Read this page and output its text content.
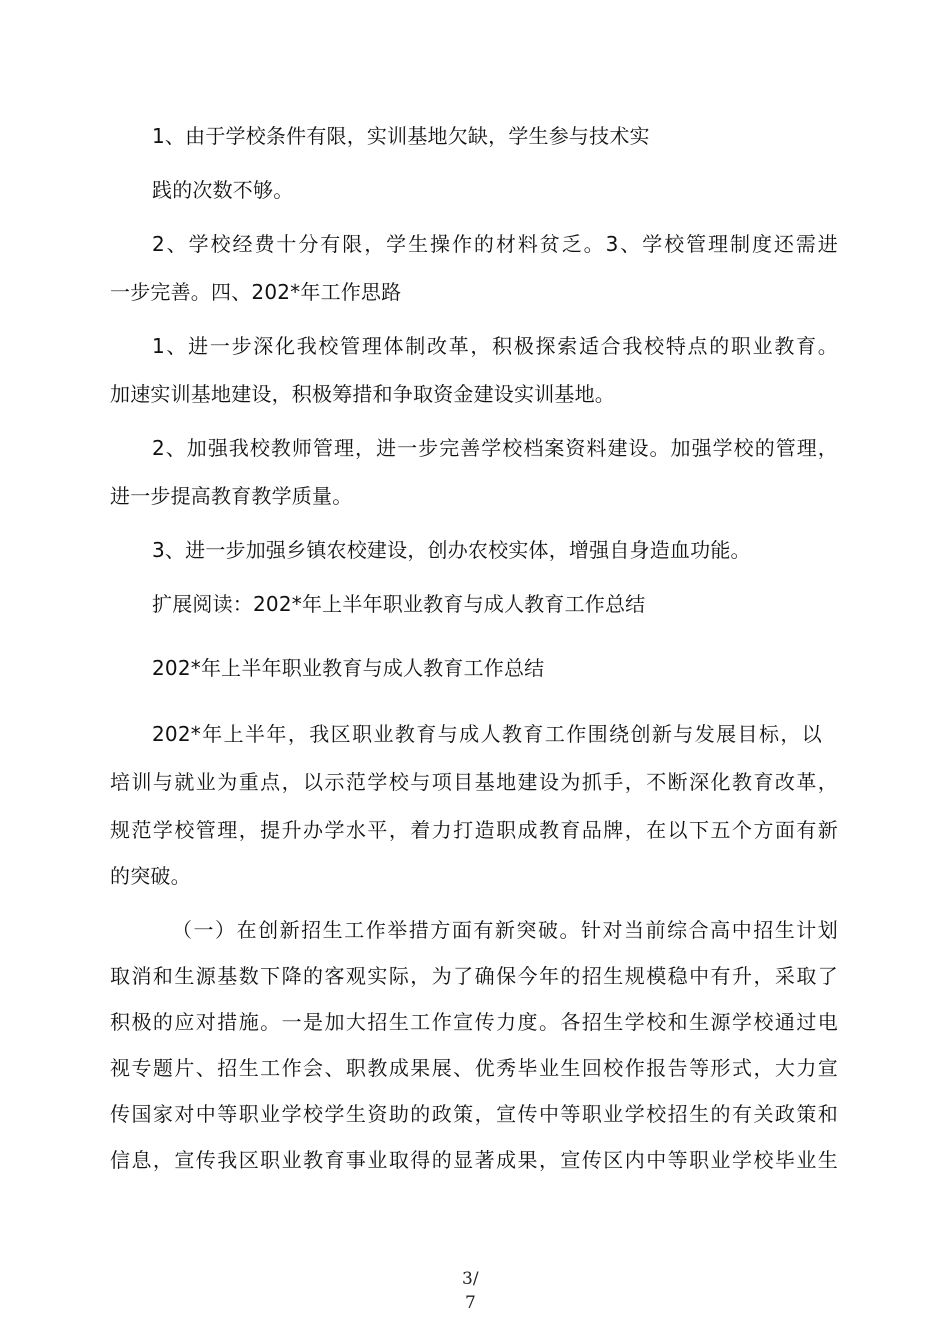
1、由于学校条件有限，实训基地欠缺，学生参与技术实
践的次数不够。
2、学校经费十分有限，学生操作的材料贫乏。3、学校管理制度还需进
一步完善。四、202*年工作思路
1、进一步深化我校管理体制改革，积极探索适合我校特点的职业教育。
加速实训基地建设，积极筹措和争取资金建设实训基地。
2、加强我校教师管理，进一步完善学校档案资料建设。加强学校的管理，
进一步提高教育教学质量。
3、进一步加强乡镇农校建设，创办农校实体，增强自身造血功能。
扩展阅读：202*年上半年职业教育与成人教育工作总结
202*年上半年职业教育与成人教育工作总结
202*年上半年，我区职业教育与成人教育工作围绕创新与发展目标，以
培训与就业为重点，以示范学校与项目基地建设为抓手，不断深化教育改革，
规范学校管理，提升办学水平，着力打造职成教育品牌，在以下五个方面有新
的突破。
（一）在创新招生工作举措方面有新突破。针对当前综合高中招生计划
取消和生源基数下降的客观实际，为了确保今年的招生规模稳中有升，采取了
积极的应对措施。一是加大招生工作宣传力度。各招生学校和生源学校通过电
视专题片、招生工作会、职教成果展、优秀毕业生回校作报告等形式，大力宣
传国家对中等职业学校学生资助的政策，宣传中等职业学校招生的有关政策和
信息，宣传我区职业教育事业取得的显著成果，宣传区内中等职业学校毕业生
3/
7
